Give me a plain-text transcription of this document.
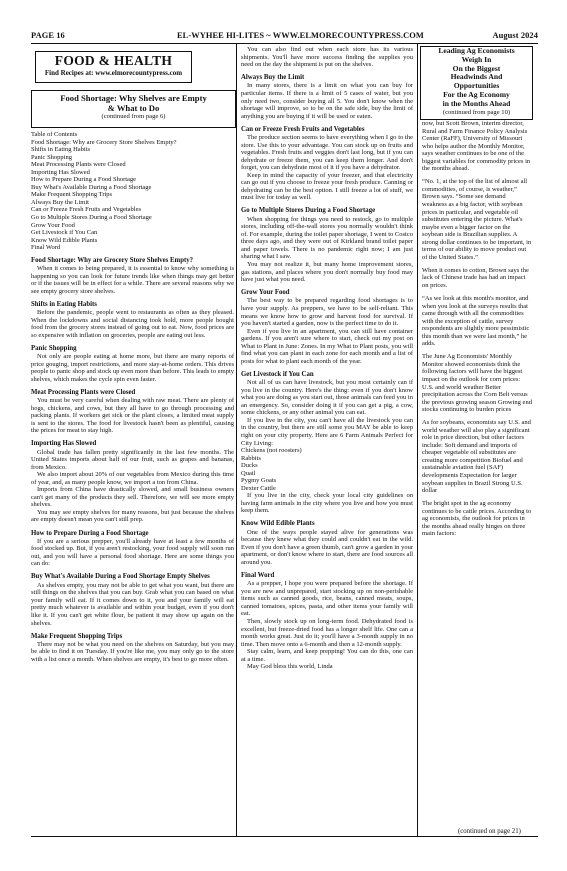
PAGE 16	EL-WYHEE HI-LITES ~ WWW.ELMORECOUNTYPRESS.COM	August 2024
FOOD & HEALTH
Find Recipes at: www.elmorecountypress.com
Food Shortage: Why Shelves are Empty
& What to Do
(continued from page 6)
Table of Contents
Food Shortage: Why are Grocery Store Shelves Empty?
Shifts in Eating Habits
Panic Shopping
Meat Processing Plants were Closed
Importing Has Slowed
How to Prepare During a Food Shortage
Buy What's Available During a Food Shortage
Make Frequent Shopping Trips
Always Buy the Limit
Can or Freeze Fresh Fruits and Vegetables
Go to Multiple Stores During a Food Shortage
Grow Your Food
Get Livestock if You Can
Know Wild Edible Plants
Final Word
Food Shortage: Why are Grocery Store Shelves Empty?

When it comes to being prepared, it is essential to know why something is happening so you can look for future trends like when things may get better or if the issues will be in effect for a while. There are several reasons why we see empty grocery store shelves.

Shifts in Eating Habits

Before the pandemic, people went to restaurants as often as they pleased. When the lockdowns and social distancing took hold, more people bought food from the grocery stores instead of going out to eat. Now, food prices are so expensive with inflation on groceries, people are eating out less.

Panic Shopping

Not only are people eating at home more, but there are many reports of price gouging, import restrictions, and more stay-at-home orders. This drives people to panic shop and stock up even more than before. This leads to empty shelves, which makes the cycle spin even faster.

Meat Processing Plants were Closed

You must be very careful when dealing with raw meat. There are plenty of hogs, chickens, and cows, but they all have to go through processing and packing plants. If workers get sick or the plant closes, a limited meat supply is sent to the stores. The food for livestock hasn't been as plentiful, causing the prices for meat to stay high.

Importing Has Slowed

Global trade has fallen pretty significantly in the last few months. The United States imports about half of our fruit, such as grapes and bananas, from Mexico.

We also import about 20% of our vegetables from Mexico during this time of year, and, as many people know, we import a ton from China.

Imports from China have drastically slowed, and small business owners can't get many of the products they sell. Therefore, we will see more empty shelves.

You may see empty shelves for many reasons, but just because the shelves are empty doesn't mean you can't still prep.

How to Prepare During a Food Shortage

If you are a serious prepper, you'll already have at least a few months of food stocked up. But, if you aren't restocking, your food supply will soon run out, and you will have a personal food shortage. Here are some things you can do:

Buy What's Available During a Food Shortage Empty Shelves

As shelves empty, you may not be able to get what you want, but there are still things on the shelves that you can buy. Grab what you can based on what your family will eat. If it comes down to it, you and your family will eat pretty much whatever is available and within your budget, even if you don't like it. If you can't get white flour, be patient it may show up again on the shelves.

Make Frequent Shopping Trips

There may not be what you need on the shelves on Saturday, but you may be able to find it on Tuesday. If you're like me, you may only go to the store with a list once a month. When shelves are empty, it's best to go more often.

You can also find out when each store has its various shipments. You'll have more success finding the supplies you need on the day the shipment is put on the shelves.

Always Buy the Limit

In many stores, there is a limit on what you can buy for particular items. If there is a limit of 5 cases of water, but you only need two, consider buying all 5. You don't know when the shortage will improve, so to be on the safe side, buy the limit of anything you are buying if it will be used or eaten.

Can or Freeze Fresh Fruits and Vegetables

The produce section seems to have everything when I go to the store. Use this to your advantage. You can stock up on fruits and vegetables. Fresh fruits and veggies don't last long, but if you can dehydrate or freeze them, you can keep them longer. And don't forget, you can dehydrate most of it if you have a dehydrator.

Keep in mind the capacity of your freezer, and that electricity can go out if you choose to freeze your fresh produce. Canning or dehydrating can be the best option. I still freeze a lot of stuff, we must live for today as well.

Go to Multiple Stores During a Food Shortage

When shopping for things you need to restock, go to multiple stores, including off-the-wall stores you normally wouldn't think of. For example, during the toilet paper shortage, I went to Costco three days ago, and they were out of Kirkland brand toilet paper and paper towels. There is no pandemic right now; I am just sharing what I saw.

You may not realize it, but many home improvement stores, gas stations, and places where you don't normally buy food may have just what you need.

Grow Your Food

The best way to be prepared regarding food shortages is to have your supply. As preppers, we have to be self-reliant. This means we know how to grow and harvest food for survival. If you haven't started a garden, now is the perfect time to do it.

Even if you live in an apartment, you can still have container gardens. If you aren't sure where to start, check out my post on What to Plant in June: Zones. In my What to Plant posts, you will find what you can plant in each zone for each month and a list of posts for what to plant each month of the year.

Get Livestock if You Can

Not all of us can have livestock, but you most certainly can if you live in the country. Here's the thing: even if you don't know what you are doing as you start out, those animals can feed you in an emergency. So, consider doing it if you can get a pig, a cow, some chickens, or any other animal you can eat.

If you live in the city, you can't have all the livestock you can in the country, but there are still some you MAY be able to keep right on your city property. Here are 6 Farm Animals Perfect for City Living:

Chickens (not roosters)
Rabbits
Ducks
Quail
Pygmy Goats
Dexter Cattle

If you live in the city, check your local city guidelines on having farm animals in the city where you live and how you must keep them.

Know Wild Edible Plants

One of the ways people stayed alive for generations was because they knew what they could and couldn't eat in the wild. Even if you don't have a green thumb, can't grow a garden in your apartment, or don't know where to start, there are food sources all around you.

Final Word

As a prepper, I hope you were prepared before the shortage. If you are new and unprepared, start stocking up on non-perishable items such as canned goods, rice, beans, canned meats, soups, canned tomatoes, spices, pasta, and other items your family will eat.

Then, slowly stock up on long-term food. Dehydrated food is excellent, but freeze-dried food has a longer shelf life. One can a month works great. Just do it; you'll have a 3-month supply in no time. Then move onto a 6-month and then a 12-month supply.

Stay calm, learn, and keep prepping! You can do this, one can at a time.

May God bless this world, Linda

Leading Ag Economists
Weigh In
On the Biggest
Headwinds And
Opportunities
For the Ag Economy
in the Months Ahead
(continued from page 10)

now, but Scott Brown, interim director, Rural and Farm Finance Policy Analysis Center (RaFF), University of Missouri who helps author the Monthly Monitor, says weather continues to be one of the biggest variables for commodity prices in the months ahead.

“No. 1, at the top of the list of almost all commodities, of course, is weather,” Brown says. “Some see demand weakness as a big factor, with soybean prices in particular, and vegetable oil substitutes entering the picture. What's maybe even a bigger factor on the soybean side is Brazilian supplies. A strong dollar continues to be important, in terms of our ability to move product out of the United States.”

When it comes to cotton, Brown says the lack of Chinese trade has had an impact on prices.

“As we look at this month's monitor, and when you look at the surveys results that came through with all the commodities with the exception of cattle, survey respondents are slightly more pessimistic this month than we were last month,” he adds.

The June Ag Economists' Monthly Monitor showed economists think the following factors will have the biggest impact on the outlook for corn prices: U.S. and world weather Better precipitation across the Corn Belt versus the previous growing season Growing end stocks continuing to burden prices

As for soybeans, economists say U.S. and world weather will also play a significant role in price direction, but other factors include: Soft demand and imports of cheaper vegetable oil substitutes are creating more competition Biofuel and sustainable aviation fuel (SAF) developments Expectation for larger soybean supplies in Brazil Strong U.S. dollar

The bright spot in the ag economy continues to be cattle prices. According to ag economists, the outlook for prices in the months ahead really hinges on three main factors:

(continued on page 21)
